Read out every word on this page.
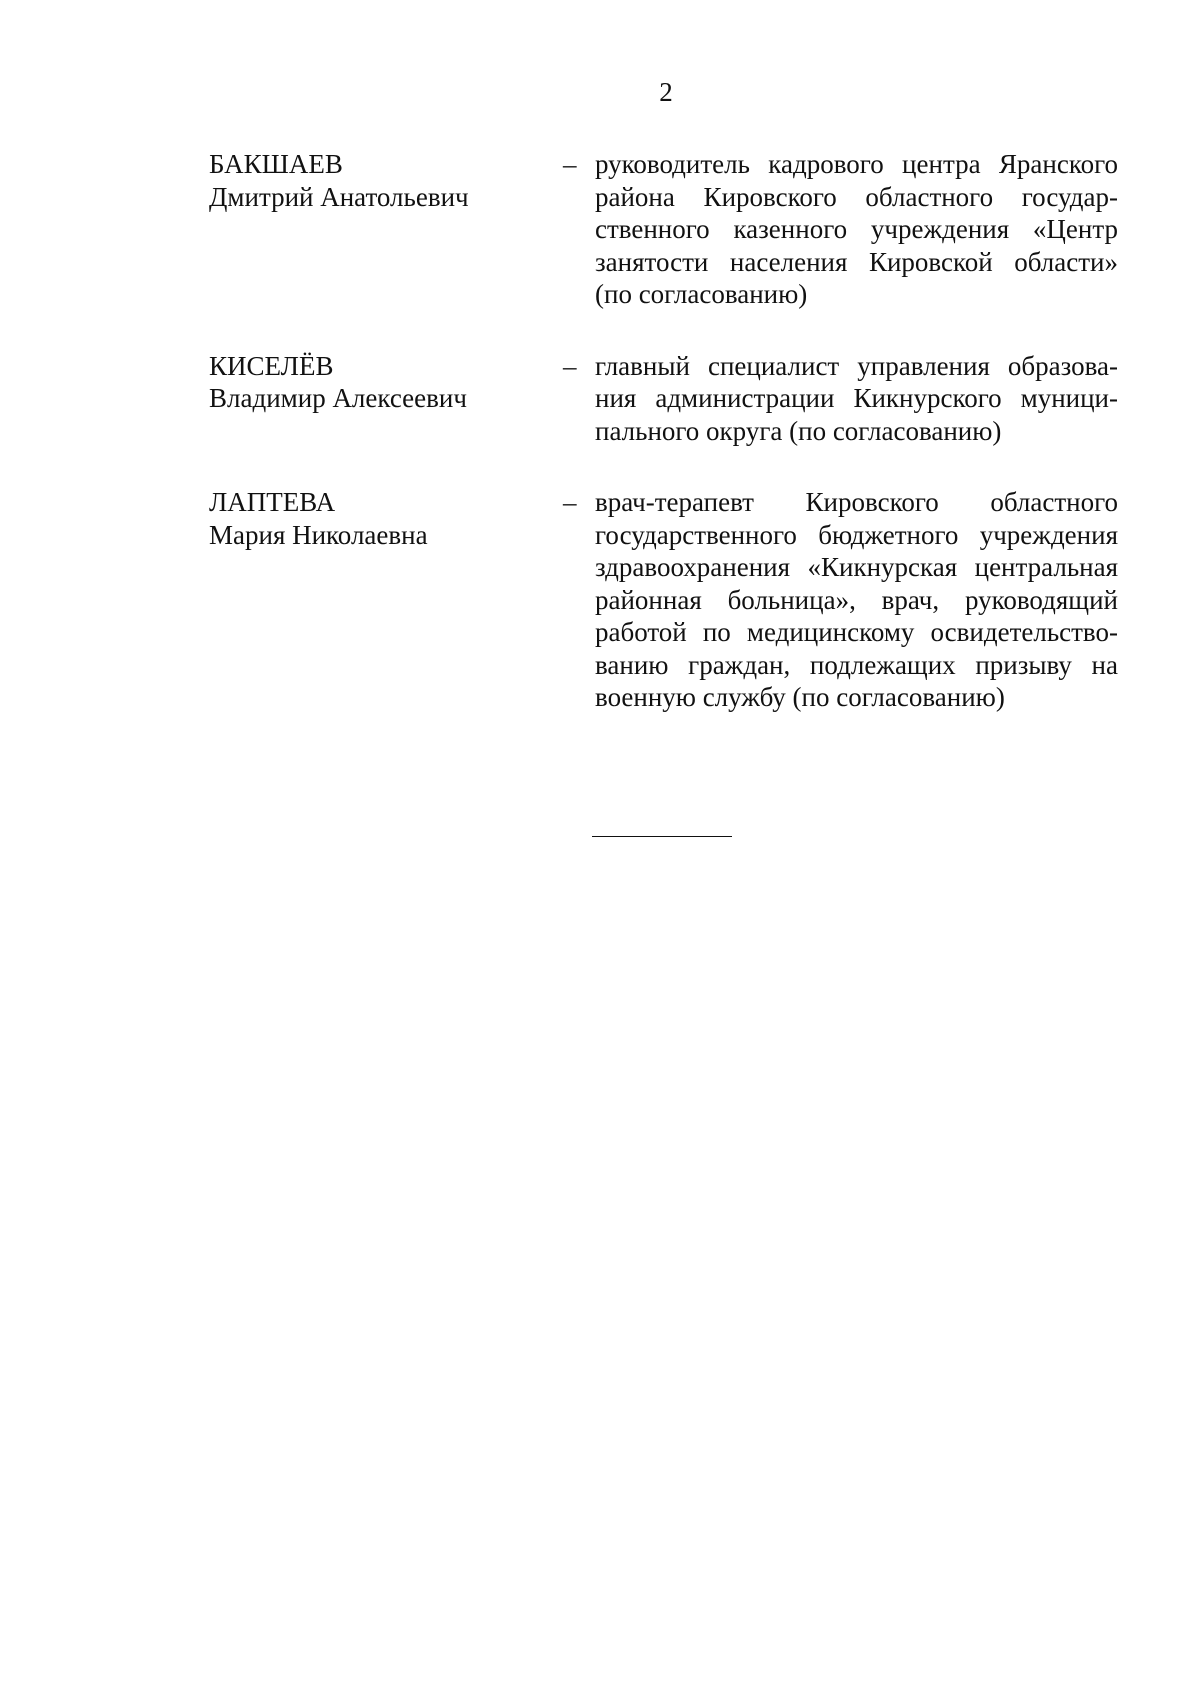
2
БАКШАЕВ
Дмитрий Анатольевич
– руководитель кадрового центра Яранского
района Кировского областного государ-
ственного казенного учреждения «Центр
занятости населения Кировской области»
(по согласованию)
КИСЕЛЁВ
Владимир Алексеевич
– главный специалист управления образова-
ния администрации Кикнурского муници-
пального округа (по согласованию)
ЛАПТЕВА
Мария Николаевна
– врач-терапевт Кировского областного
государственного бюджетного учреждения
здравоохранения «Кикнурская центральная
районная больница», врач, руководящий
работой по медицинскому освидетельство-
ванию граждан, подлежащих призыву на
военную службу (по согласованию)
